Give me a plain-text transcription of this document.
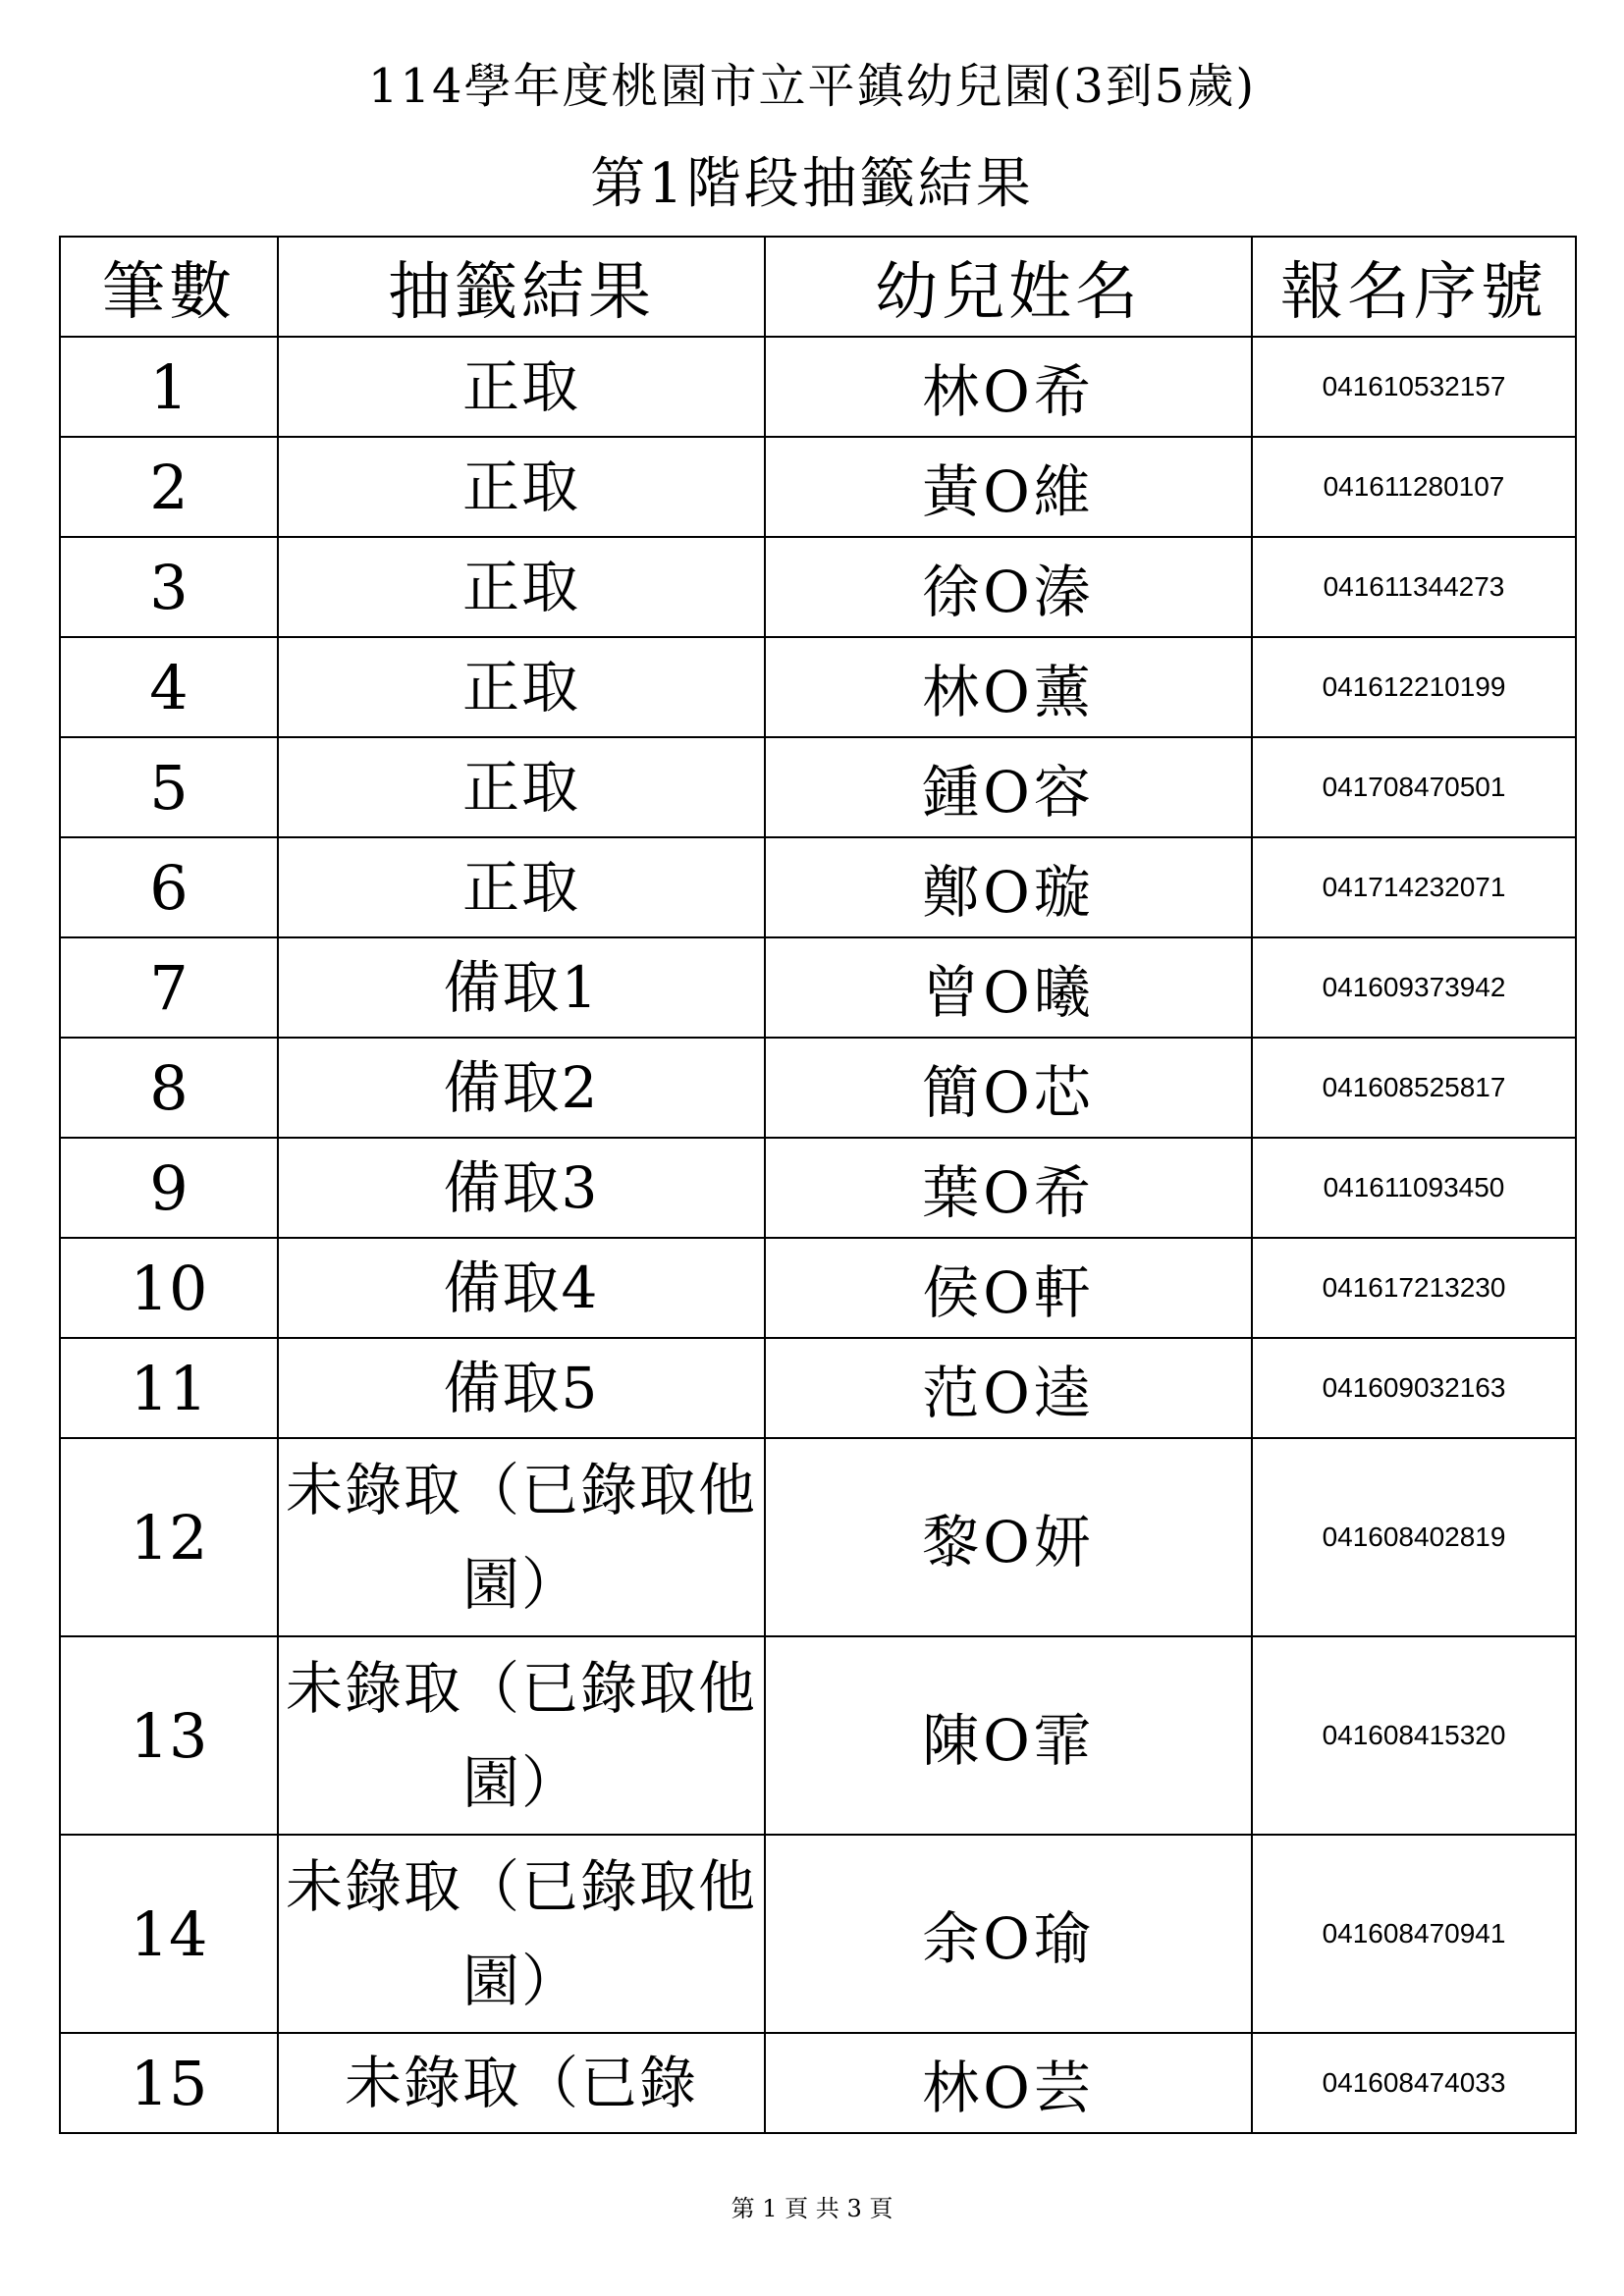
114學年度桃園市立平鎮幼兒園(3到5歲)
第1階段抽籤結果
筆數	抽籤結果	幼兒姓名	報名序號
1	正取	林O希	041610532157
2	正取	黃O維	041611280107
3	正取	徐O溱	041611344273
4	正取	林O薰	041612210199
5	正取	鍾O容	041708470501
6	正取	鄭O璇	041714232071
7	備取1	曾O曦	041609373942
8	備取2	簡O芯	041608525817
9	備取3	葉O希	041611093450
10	備取4	侯O軒	041617213230
11	備取5	范O逵	041609032163
12	未錄取（已錄取他園）	黎O妍	041608402819
13	未錄取（已錄取他園）	陳O霏	041608415320
14	未錄取（已錄取他園）	余O瑜	041608470941
15	未錄取（已錄	林O芸	041608474033
第 1 頁 共 3 頁
